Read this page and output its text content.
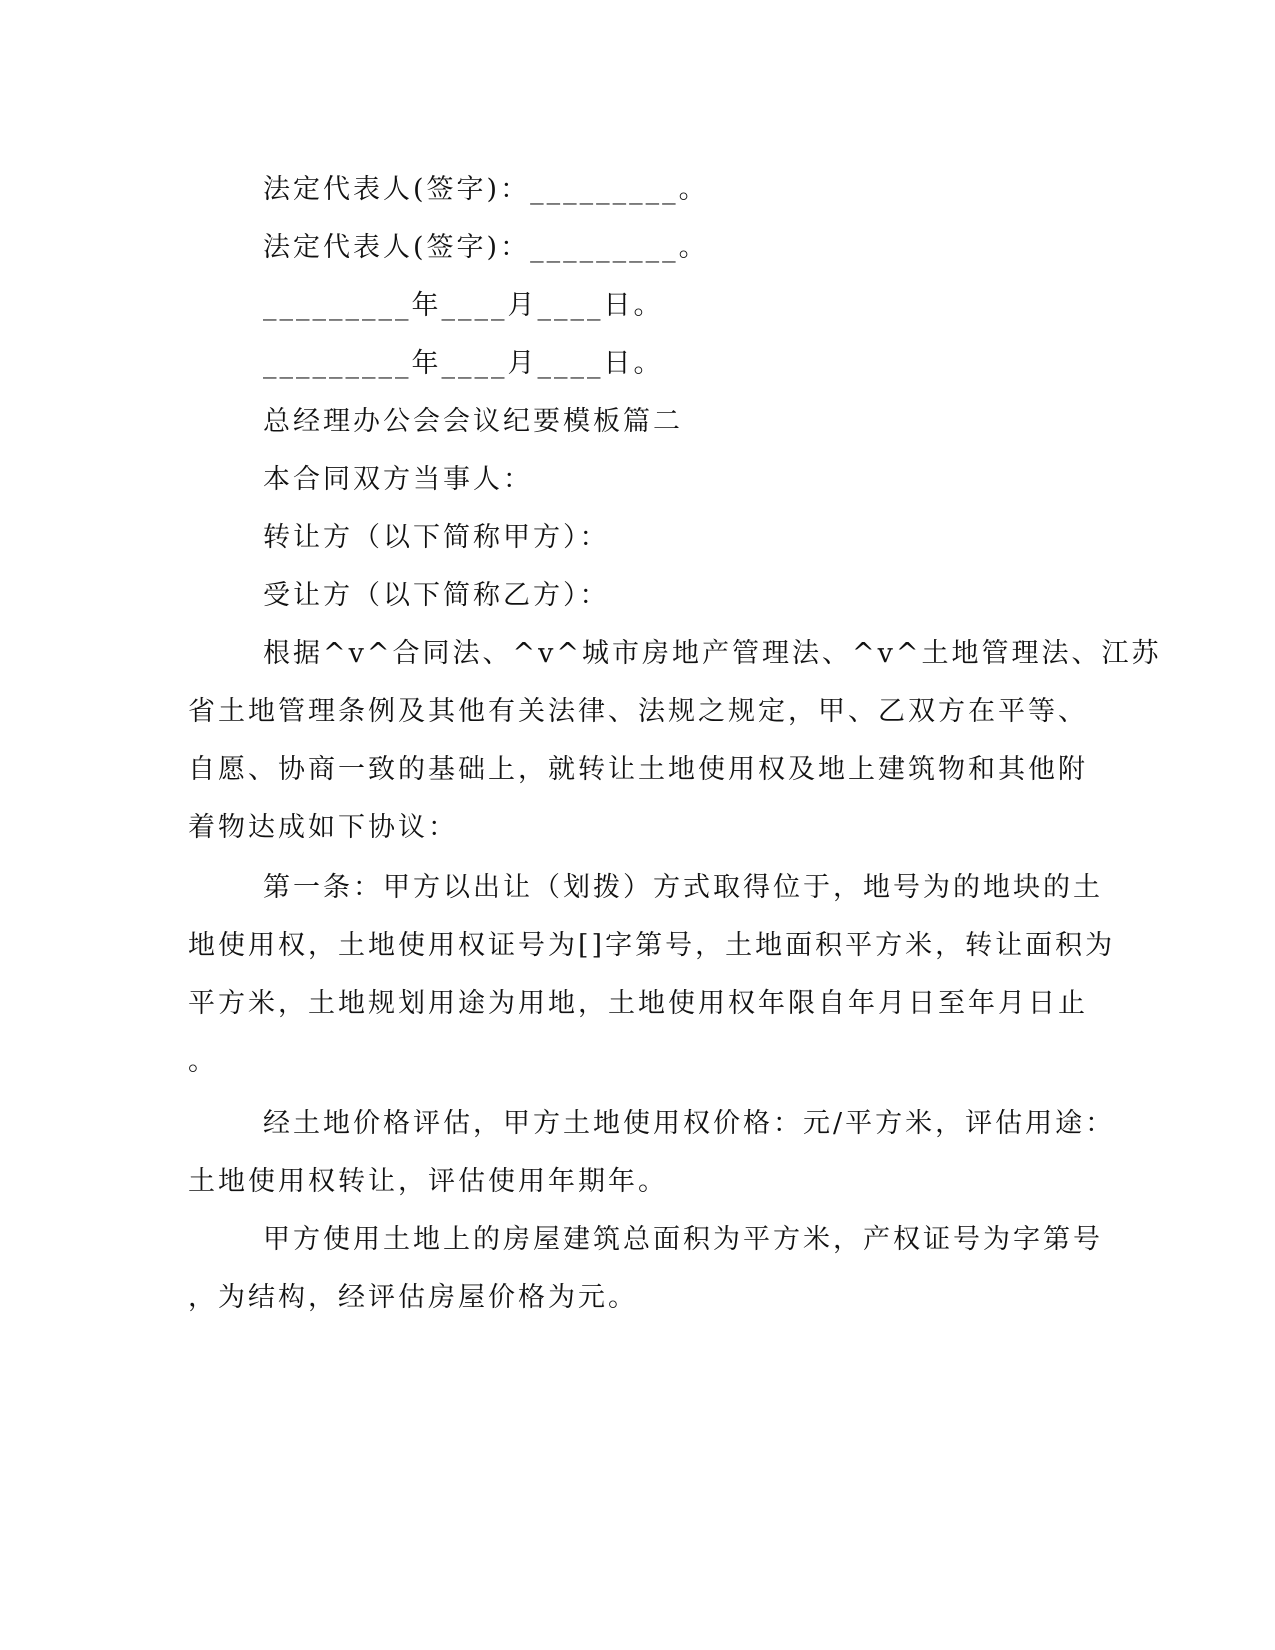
法定代表人(签字)：_________。
法定代表人(签字)：_________。
_________年____月____日。
_________年____月____日。
总经理办公会会议纪要模板篇二
本合同双方当事人：
转让方（以下简称甲方）：
受让方（以下简称乙方）：
根据^v^合同法、^v^城市房地产管理法、^v^土地管理法、江苏
省土地管理条例及其他有关法律、法规之规定，甲、乙双方在平等、
自愿、协商一致的基础上，就转让土地使用权及地上建筑物和其他附
着物达成如下协议：
第一条：甲方以出让（划拨）方式取得位于，地号为的地块的土
地使用权，土地使用权证号为[]字第号，土地面积平方米，转让面积为
平方米，土地规划用途为用地，土地使用权年限自年月日至年月日止
。
经土地价格评估，甲方土地使用权价格：元/平方米，评估用途：
土地使用权转让，评估使用年期年。
甲方使用土地上的房屋建筑总面积为平方米，产权证号为字第号
，为结构，经评估房屋价格为元。
